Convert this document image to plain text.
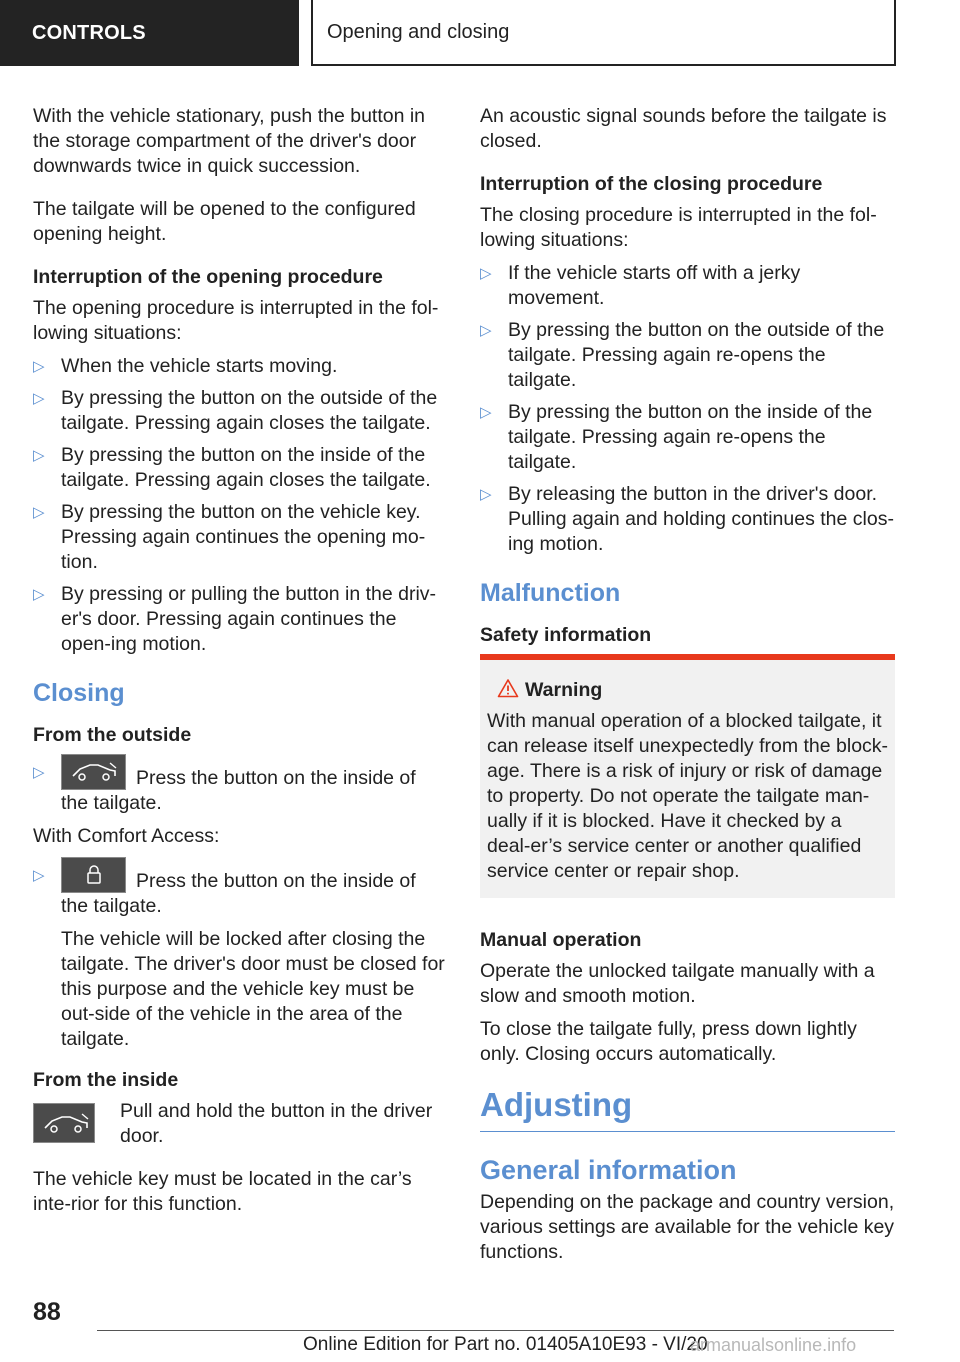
CONTROLS	Opening and closing

With the vehicle stationary, push the button in the storage compartment of the driver's door downwards twice in quick succession.

The tailgate will be opened to the configured opening height.

Interruption of the opening procedure

The opening procedure is interrupted in the fol‐lowing situations:

▷ When the vehicle starts moving.
▷ By pressing the button on the outside of the tailgate. Pressing again closes the tailgate.
▷ By pressing the button on the inside of the tailgate. Pressing again closes the tailgate.
▷ By pressing the button on the vehicle key. Pressing again continues the opening mo‐tion.
▷ By pressing or pulling the button in the driv‐er's door. Pressing again continues the open‐ing motion.
Closing
From the outside
▷	Press the button on the inside of the tailgate.

With Comfort Access:

▷	Press the button on the inside of the tailgate.
The vehicle will be locked after closing the tailgate. The driver's door must be closed for this purpose and the vehicle key must be out‐side of the vehicle in the area of the tailgate.
From the inside
Pull and hold the button in the driver door.

The vehicle key must be located in the car’s inte‐rior for this function.

An acoustic signal sounds before the tailgate is closed.

Interruption of the closing procedure

The closing procedure is interrupted in the fol‐lowing situations:

▷ If the vehicle starts off with a jerky movement.
▷ By pressing the button on the outside of the tailgate. Pressing again re-opens the tailgate.
▷ By pressing the button on the inside of the tailgate. Pressing again re-opens the tailgate.
▷ By releasing the button in the driver's door. Pulling again and holding continues the clos‐ing motion.
Malfunction
Safety information
Warning
With manual operation of a blocked tailgate, it can release itself unexpectedly from the block‐age. There is a risk of injury or risk of damage to property. Do not operate the tailgate man‐ually if it is blocked. Have it checked by a deal‐er’s service center or another qualified service center or repair shop.
Manual operation

Operate the unlocked tailgate manually with a slow and smooth motion.

To close the tailgate fully, press down lightly only. Closing occurs automatically.

Adjusting
General information

Depending on the package and country version, various settings are available for the vehicle key functions.

88
Online Edition for Part no. 01405A10E93 - VI/20
armanualsonline.info
